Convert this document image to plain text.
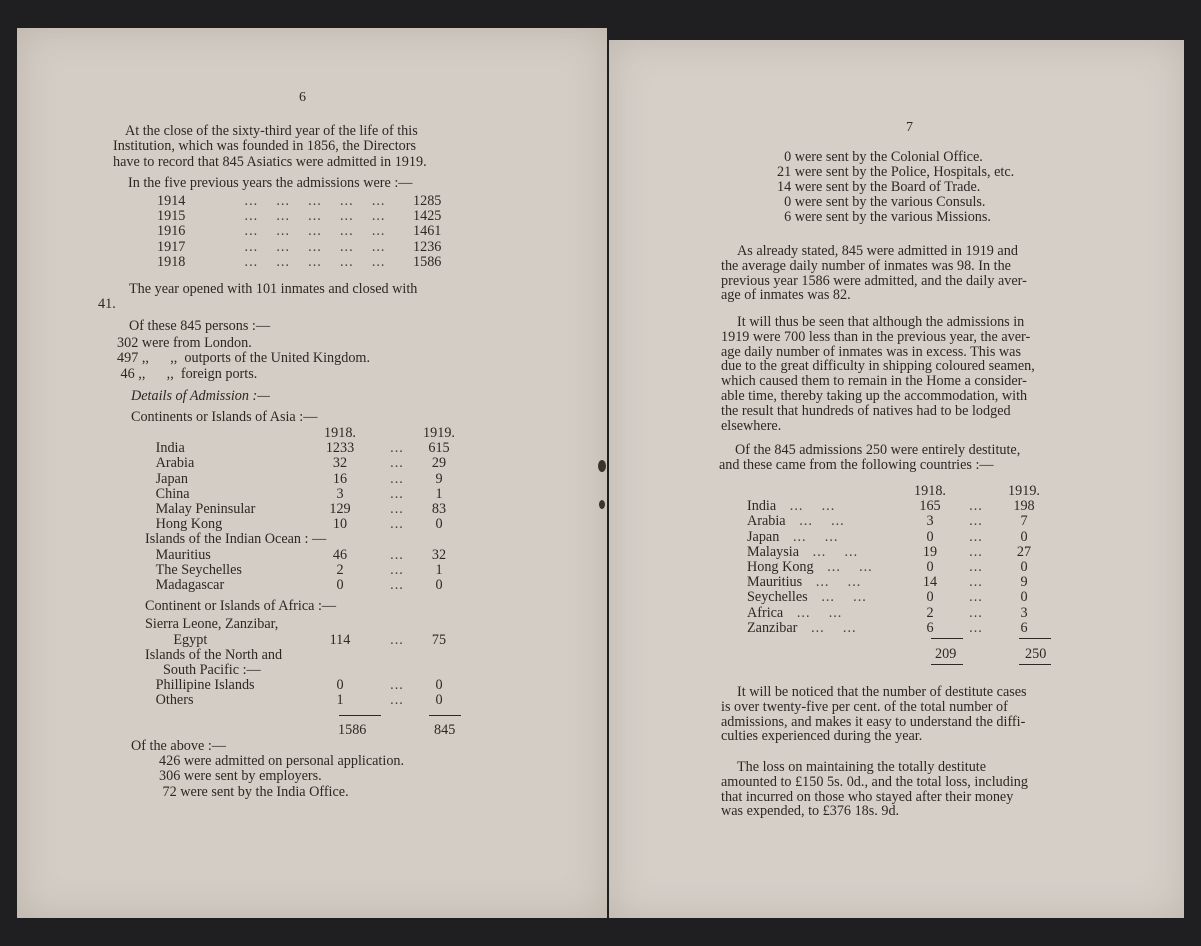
6
At the close of the sixty-third year of the life of this
Institution, which was founded in 1856, the Directors
have to record that 845 Asiatics were admitted in 1919.
In the five previous years the admissions were :—
1914	...    ...    ...    ...    ...	1285
1915	...    ...    ...    ...    ...	1425
1916	...    ...    ...    ...    ...	1461
1917	...    ...    ...    ...    ...	1236
1918	...    ...    ...    ...    ...	1586
The year opened with 101 inmates and closed with
41.
Of these 845 persons :—
302 were from London.
497 ,,      ,,  outports of the United Kingdom.
46 ,,      ,,  foreign ports.
Details of Admission :—
Continents or Islands of Asia :—
	1918.		1919.
India	1233	...	615
Arabia	32	...	29
Japan	16	...	9
China	3	...	1
Malay Peninsular	129	...	83
Hong Kong	10	...	0
Islands of the Indian Ocean : —			
Mauritius	46	...	32
The Seychelles	2	...	1
Madagascar	0	...	0

Continent or Islands of Africa :—			

Sierra Leone, Zanzibar,			
Egypt	114	...	75
Islands of the North and			
South Pacific :—			
Phillipine Islands	0	...	0
Others	1	...	0
1586	845
Of the above :—
426 were admitted on personal application.
306 were sent by employers.
72 were sent by the India Office.
7
0 were sent by the Colonial Office.
21 were sent by the Police, Hospitals, etc.
14 were sent by the Board of Trade.
0 were sent by the various Consuls.
6 were sent by the various Missions.
As already stated, 845 were admitted in 1919 and
the average daily number of inmates was 98. In the
previous year 1586 were admitted, and the daily aver-
age of inmates was 82.
It will thus be seen that although the admissions in
1919 were 700 less than in the previous year, the aver-
age daily number of inmates was in excess. This was
due to the great difficulty in shipping coloured seamen,
which caused them to remain in the Home a consider-
able time, thereby taking up the accommodation, with
the result that hundreds of natives had to be lodged
elsewhere.
Of the 845 admissions 250 were entirely destitute,
and these came from the following countries :—
	1918.		1919.
India   ...    ...	165	...	198
Arabia   ...    ...	3	...	7
Japan   ...    ...	0	...	0
Malaysia   ...    ...	19	...	27
Hong Kong   ...    ...	0	...	0
Mauritius   ...    ...	14	...	9
Seychelles   ...    ...	0	...	0
Africa   ...    ...	2	...	3
Zanzibar   ...    ...	6	...	6
209	250
It will be noticed that the number of destitute cases
is over twenty-five per cent. of the total number of
admissions, and makes it easy to understand the diffi-
culties experienced during the year.
The loss on maintaining the totally destitute
amounted to £150 5s. 0d., and the total loss, including
that incurred on those who stayed after their money
was expended, to £376 18s. 9d.
